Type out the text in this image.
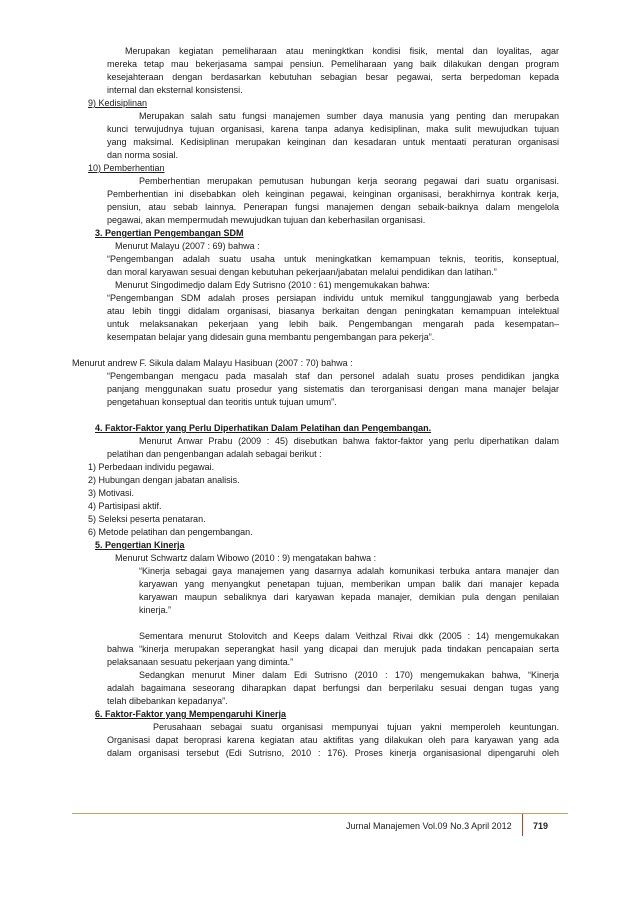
Merupakan kegiatan pemeliharaan atau meningktkan kondisi fisik, mental dan loyalitas, agar
mereka tetap mau bekerjasama sampai pensiun. Pemeliharaan yang baik dilakukan dengan program
kesejahteraan dengan berdasarkan kebutuhan sebagian besar pegawai, serta berpedoman kepada
internal dan eksternal konsistensi.
9) Kedisiplinan
Merupakan salah satu fungsi manajemen sumber daya manusia yang penting dan merupakan
kunci terwujudnya tujuan organisasi, karena tanpa adanya kedisiplinan, maka sulit mewujudkan tujuan
yang maksimal. Kedisiplinan merupakan keinginan dan kesadaran untuk mentaati peraturan organisasi
dan norma sosial.
10) Pemberhentian
Pemberhentian merupakan pemutusan hubungan kerja seorang pegawai dari suatu organisasi.
Pemberhentian ini disebabkan oleh keinginan pegawai, keinginan organisasi, berakhirnya kontrak kerja,
pensiun, atau sebab lainnya. Penerapan fungsi manajemen dengan sebaik-baiknya dalam mengelola
pegawai, akan mempermudah mewujudkan tujuan dan keberhasilan organisasi.
3. Pengertian Pengembangan SDM
Menurut Malayu (2007 : 69) bahwa :
“Pengembangan adalah suatu usaha untuk meningkatkan kemampuan teknis, teoritis, konseptual,
dan moral karyawan sesuai dengan kebutuhan pekerjaan/jabatan melalui pendidikan dan latihan.”
Menurut Singodimedjo dalam Edy Sutrisno (2010 : 61) mengemukakan bahwa:
“Pengembangan SDM adalah proses persiapan individu untuk memikul tanggungjawab yang berbeda
atau lebih tinggi didalam organisasi, biasanya berkaitan dengan peningkatan kemampuan intelektual
untuk melaksanakan pekerjaan yang lebih baik. Pengembangan mengarah pada kesempatan–
kesempatan belajar yang didesain guna membantu pengembangan para pekerja”.
Menurut andrew F. Sikula dalam Malayu Hasibuan (2007 : 70) bahwa :
“Pengembangan mengacu pada masalah staf dan personel adalah suatu proses pendidikan jangka
panjang menggunakan suatu prosedur yang sistematis dan terorganisasi dengan mana manajer belajar
pengetahuan konseptual dan teoritis untuk tujuan umum”.
4. Faktor-Faktor yang Perlu Diperhatikan Dalam Pelatihan dan Pengembangan.
Menurut Anwar Prabu (2009 : 45) disebutkan bahwa faktor-faktor yang perlu diperhatikan dalam
pelatihan dan pengenbangan adalah sebagai berikut :
1) Perbedaan individu pegawai.
2) Hubungan dengan jabatan analisis.
3) Motivasi.
4) Partisipasi aktif.
5) Seleksi peserta penataran.
6) Metode pelatihan dan pengembangan.
5. Pengertian Kinerja
Menurut Schwartz dalam Wibowo (2010 : 9) mengatakan bahwa :
“Kinerja sebagai gaya manajemen yang dasarnya adalah komunikasi terbuka antara manajer dan
karyawan yang menyangkut penetapan tujuan, memberikan umpan balik dari manajer kepada
karyawan maupun sebaliknya dari karyawan kepada manajer, demikian pula dengan penilaian
kinerja.”
Sementara menurut Stolovitch and Keeps dalam Veithzal Rivai dkk (2005 : 14) mengemukakan
bahwa “kinerja merupakan seperangkat hasil yang dicapai dan merujuk pada tindakan pencapaian serta
pelaksanaan sesuatu pekerjaan yang diminta.”
Sedangkan menurut Miner dalam Edi Sutrisno (2010 : 170) mengemukakan bahwa, “Kinerja
adalah bagaimana seseorang diharapkan dapat berfungsi dan berperilaku sesuai dengan tugas yang
telah dibebankan kepadanya”.
6. Faktor-Faktor yang Mempengaruhi Kinerja
Perusahaan sebagai suatu organisasi mempunyai tujuan yakni memperoleh keuntungan.
Organisasi dapat beroprasi karena kegiatan atau aktifitas yang dilakukan oleh para karyawan yang ada
dalam organisasi tersebut (Edi Sutrisno, 2010 : 176). Proses kinerja organisasional dipengaruhi oleh
Jurnal Manajemen Vol.09 No.3 April 2012 719
